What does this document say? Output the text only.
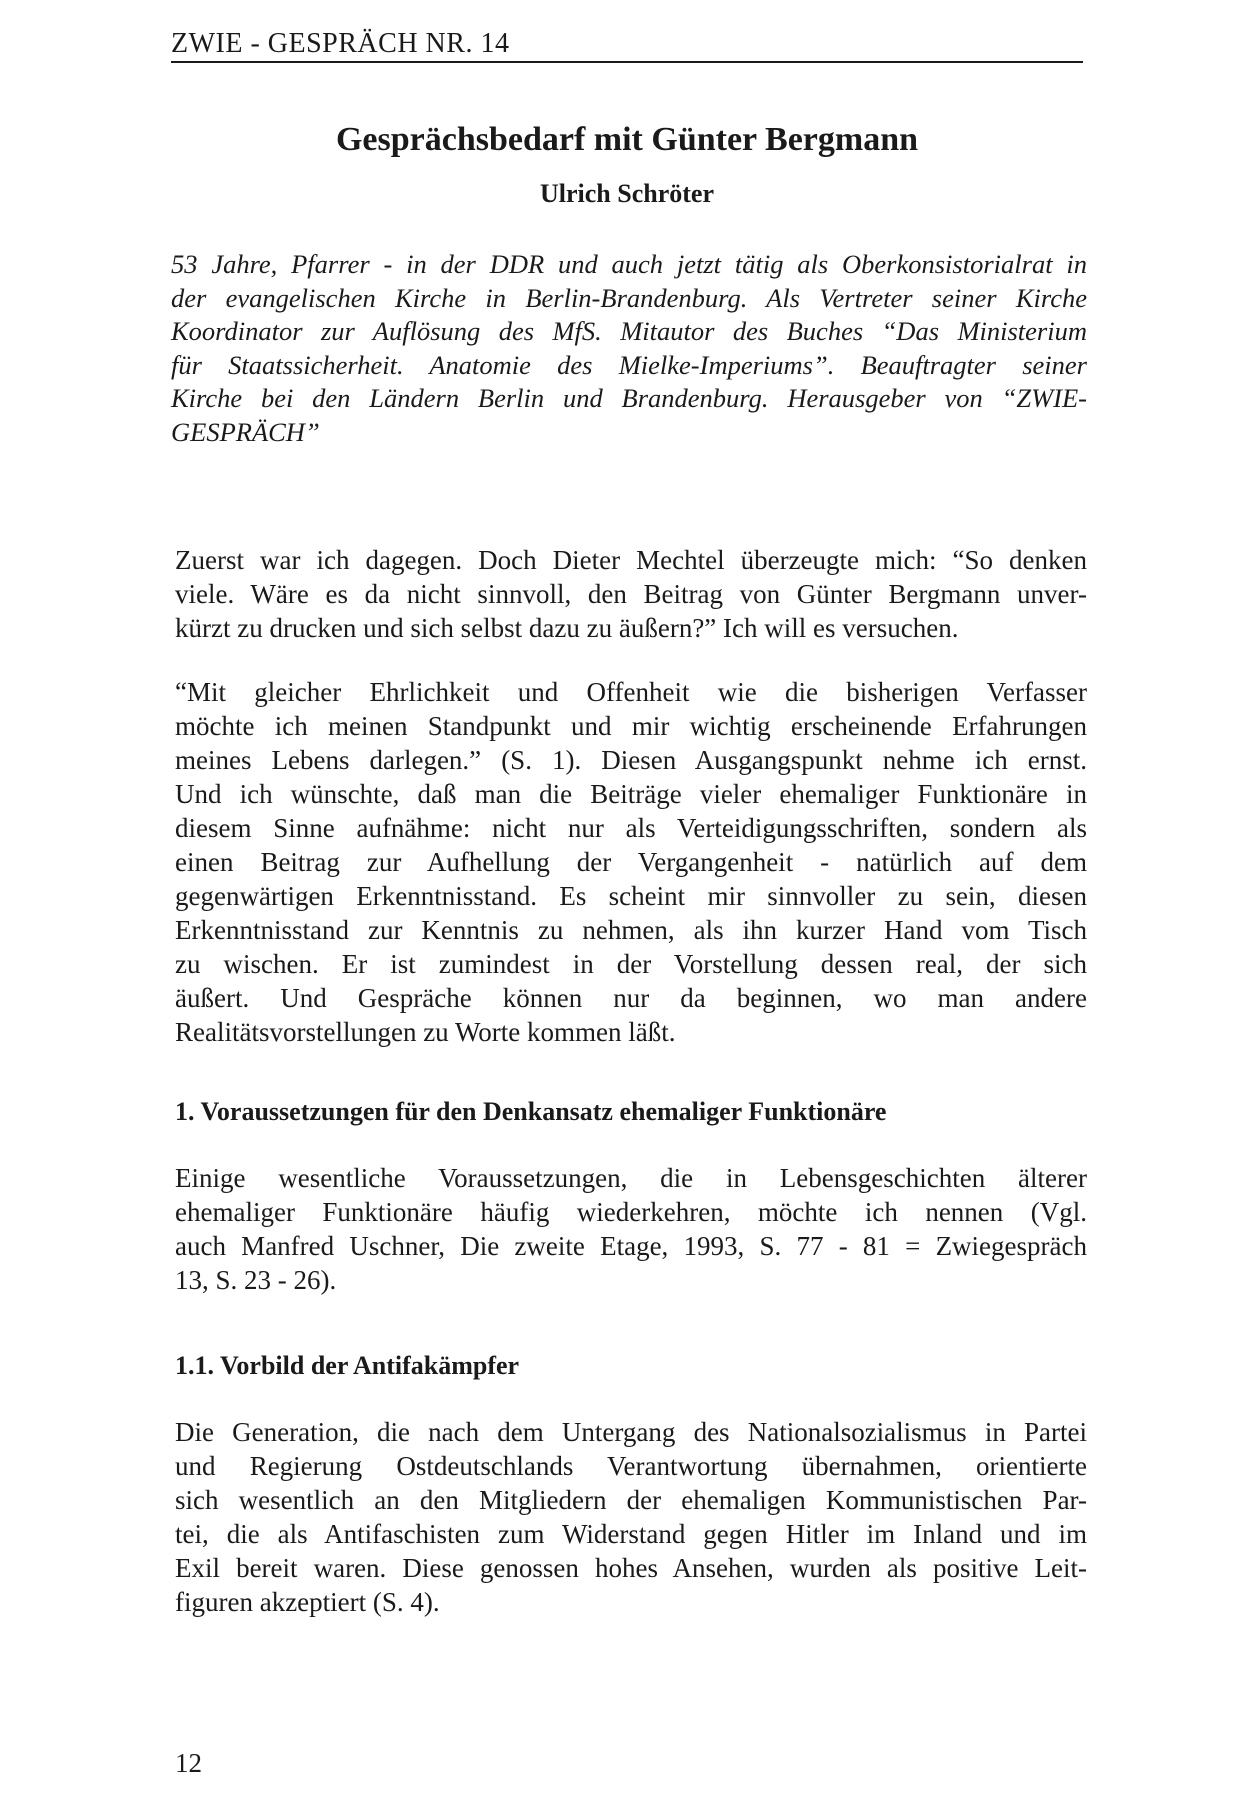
ZWIE - GESPRÄCH NR. 14
Gesprächsbedarf mit Günter Bergmann
Ulrich Schröter
53 Jahre, Pfarrer - in der DDR und auch jetzt tätig als Oberkonsistorialrat in
der evangelischen Kirche in Berlin-Brandenburg. Als Vertreter seiner Kirche
Koordinator zur Auflösung des MfS. Mitautor des Buches “Das Ministerium
für Staatssicherheit. Anatomie des Mielke-Imperiums”. Beauftragter seiner
Kirche bei den Ländern Berlin und Brandenburg. Herausgeber von “ZWIE-
GESPRÄCH”
Zuerst war ich dagegen. Doch Dieter Mechtel überzeugte mich: “So denken
viele. Wäre es da nicht sinnvoll, den Beitrag von Günter Bergmann unver-
kürzt zu drucken und sich selbst dazu zu äußern?” Ich will es versuchen.
“Mit gleicher Ehrlichkeit und Offenheit wie die bisherigen Verfasser
möchte ich meinen Standpunkt und mir wichtig erscheinende Erfahrungen
meines Lebens darlegen.” (S. 1). Diesen Ausgangspunkt nehme ich ernst.
Und ich wünschte, daß man die Beiträge vieler ehemaliger Funktionäre in
diesem Sinne aufnähme: nicht nur als Verteidigungsschriften, sondern als
einen Beitrag zur Aufhellung der Vergangenheit - natürlich auf dem
gegenwärtigen Erkenntnisstand. Es scheint mir sinnvoller zu sein, diesen
Erkenntnisstand zur Kenntnis zu nehmen, als ihn kurzer Hand vom Tisch
zu wischen. Er ist zumindest in der Vorstellung dessen real, der sich
äußert. Und Gespräche können nur da beginnen, wo man andere
Realitätsvorstellungen zu Worte kommen läßt.
1. Voraussetzungen für den Denkansatz ehemaliger Funktionäre
Einige wesentliche Voraussetzungen, die in Lebensgeschichten älterer
ehemaliger Funktionäre häufig wiederkehren, möchte ich nennen (Vgl.
auch Manfred Uschner, Die zweite Etage, 1993, S. 77 - 81 = Zwiegespräch
13, S. 23 - 26).
1.1. Vorbild der Antifakämpfer
Die Generation, die nach dem Untergang des Nationalsozialismus in Partei
und Regierung Ostdeutschlands Verantwortung übernahmen, orientierte
sich wesentlich an den Mitgliedern der ehemaligen Kommunistischen Par-
tei, die als Antifaschisten zum Widerstand gegen Hitler im Inland und im
Exil bereit waren. Diese genossen hohes Ansehen, wurden als positive Leit-
figuren akzeptiert (S. 4).
12
